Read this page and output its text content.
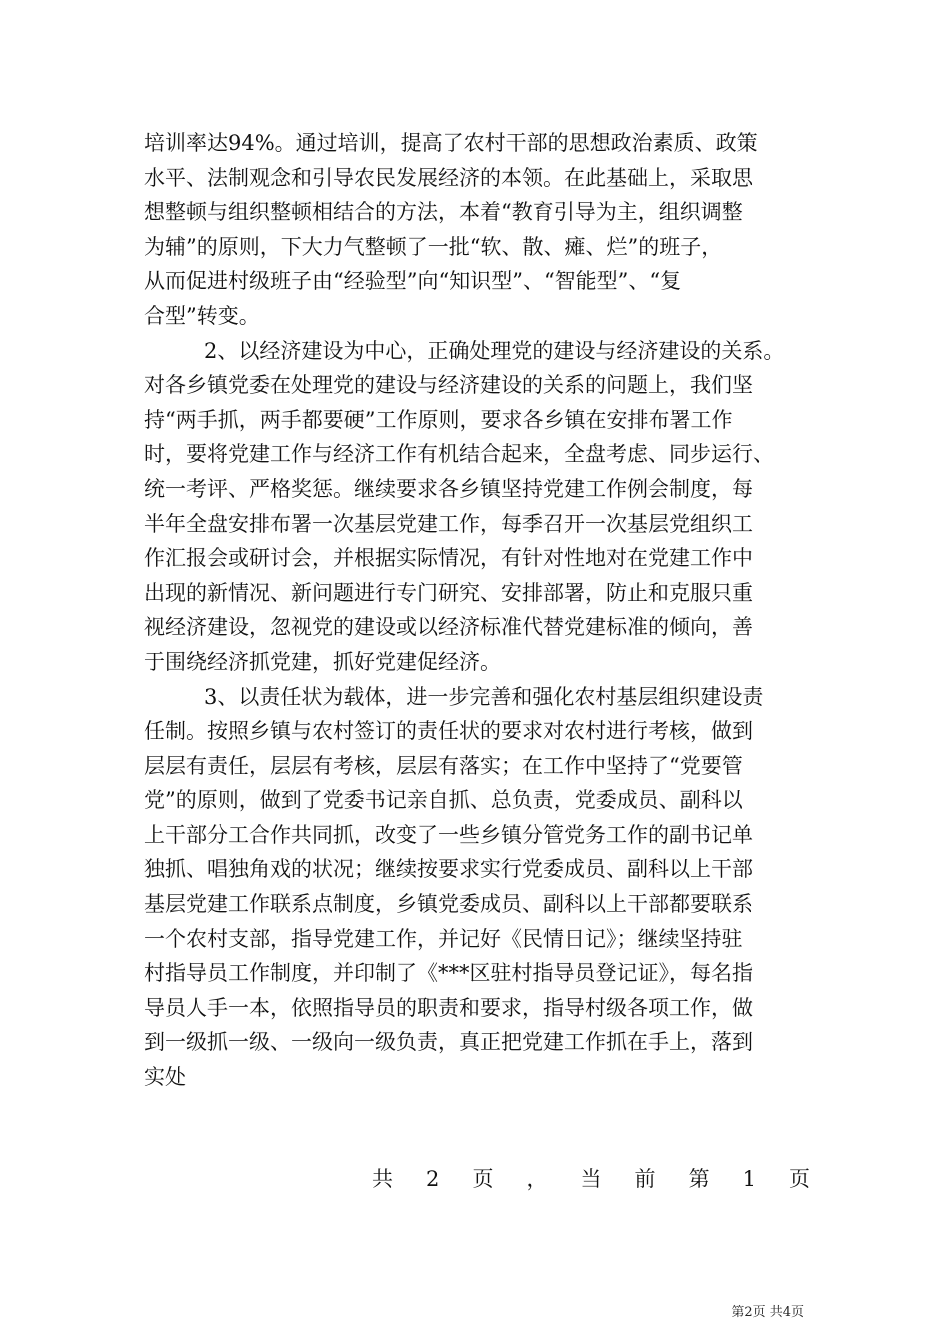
培训率达94%。通过培训，提高了农村干部的思想政治素质、政策
水平、法制观念和引导农民发展经济的本领。在此基础上，采取思
想整顿与组织整顿相结合的方法，本着“教育引导为主，组织调整
为辅”的原则，下大力气整顿了一批“软、散、瘫、烂”的班子，
从而促进村级班子由“经验型”向“知识型”、“智能型”、“复
合型”转变。
2、以经济建设为中心，正确处理党的建设与经济建设的关系。
对各乡镇党委在处理党的建设与经济建设的关系的问题上，我们坚
持“两手抓，两手都要硬”工作原则，要求各乡镇在安排布署工作
时，要将党建工作与经济工作有机结合起来，全盘考虑、同步运行、
统一考评、严格奖惩。继续要求各乡镇坚持党建工作例会制度，每
半年全盘安排布署一次基层党建工作，每季召开一次基层党组织工
作汇报会或研讨会，并根据实际情况，有针对性地对在党建工作中
出现的新情况、新问题进行专门研究、安排部署，防止和克服只重
视经济建设，忽视党的建设或以经济标准代替党建标准的倾向，善
于围绕经济抓党建，抓好党建促经济。
3、以责任状为载体，进一步完善和强化农村基层组织建设责
任制。按照乡镇与农村签订的责任状的要求对农村进行考核，做到
层层有责任，层层有考核，层层有落实；在工作中坚持了“党要管
党”的原则，做到了党委书记亲自抓、总负责，党委成员、副科以
上干部分工合作共同抓，改变了一些乡镇分管党务工作的副书记单
独抓、唱独角戏的状况；继续按要求实行党委成员、副科以上干部
基层党建工作联系点制度，乡镇党委成员、副科以上干部都要联系
一个农村支部，指导党建工作，并记好《民情日记》；继续坚持驻
村指导员工作制度，并印制了《***区驻村指导员登记证》，每名指
导员人手一本，依照指导员的职责和要求，指导村级各项工作，做
到一级抓一级、一级向一级负责，真正把党建工作抓在手上，落到
实处
共 2 页 ， 当 前 第 1 页
第2页 共4页
